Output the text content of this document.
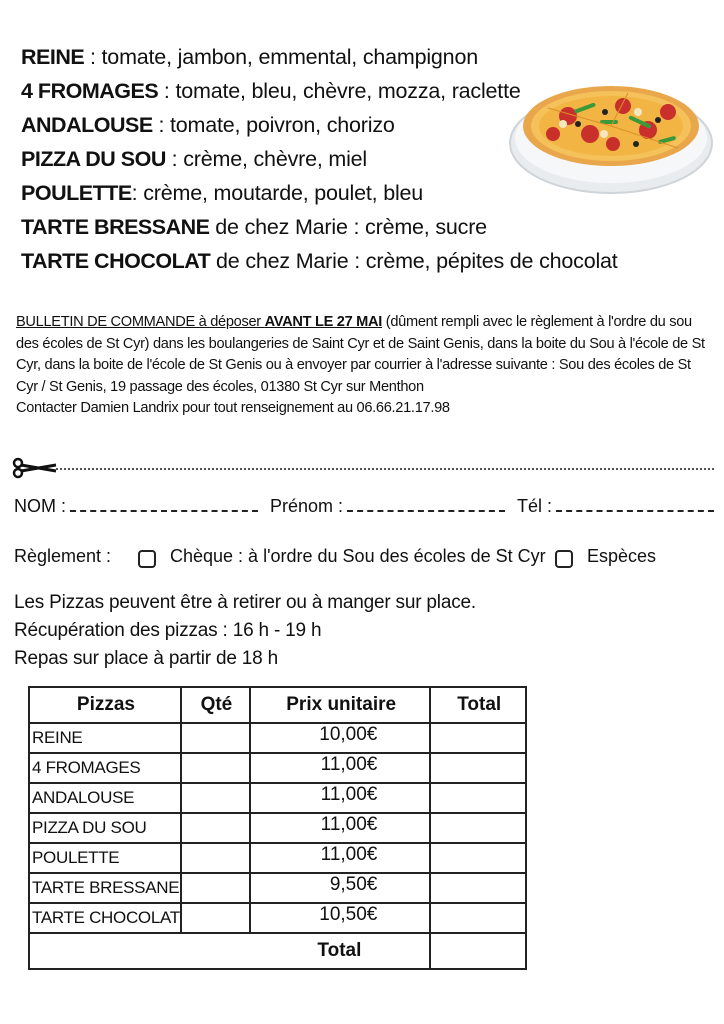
REINE : tomate, jambon, emmental, champignon
4 FROMAGES : tomate, bleu, chèvre, mozza, raclette
ANDALOUSE : tomate, poivron, chorizo
PIZZA DU SOU : crème, chèvre, miel
POULETTE: crème, moutarde, poulet, bleu
TARTE BRESSANE de chez Marie : crème, sucre
TARTE CHOCOLAT de chez Marie : crème, pépites de chocolat
BULLETIN DE COMMANDE à déposer AVANT LE 27 MAI (dûment rempli avec le règlement à l'ordre du sou des écoles de St Cyr) dans les boulangeries de Saint Cyr et de Saint Genis, dans la boite du Sou à l'école de St Cyr, dans la boite de l'école de St Genis ou à envoyer par courrier à l'adresse suivante : Sou des écoles de St Cyr / St Genis, 19 passage des écoles, 01380 St Cyr sur Menthon
Contacter Damien Landrix pour tout renseignement au 06.66.21.17.98
NOM :	Prénom :	Tél :
Règlement :	Chèque : à l'ordre du Sou des écoles de St Cyr Espèces
Les Pizzas peuvent être à retirer ou à manger sur place.
Récupération des pizzas : 16 h - 19 h
Repas sur place à partir de 18 h
Pizzas	Qté	Prix unitaire	Total
REINE		10,00€	
4 FROMAGES		11,00€	
ANDALOUSE		11,00€	
PIZZA DU SOU		11,00€	
POULETTE		11,00€	
TARTE BRESSANE		9,50€	
TARTE CHOCOLAT		10,50€	
Total			
